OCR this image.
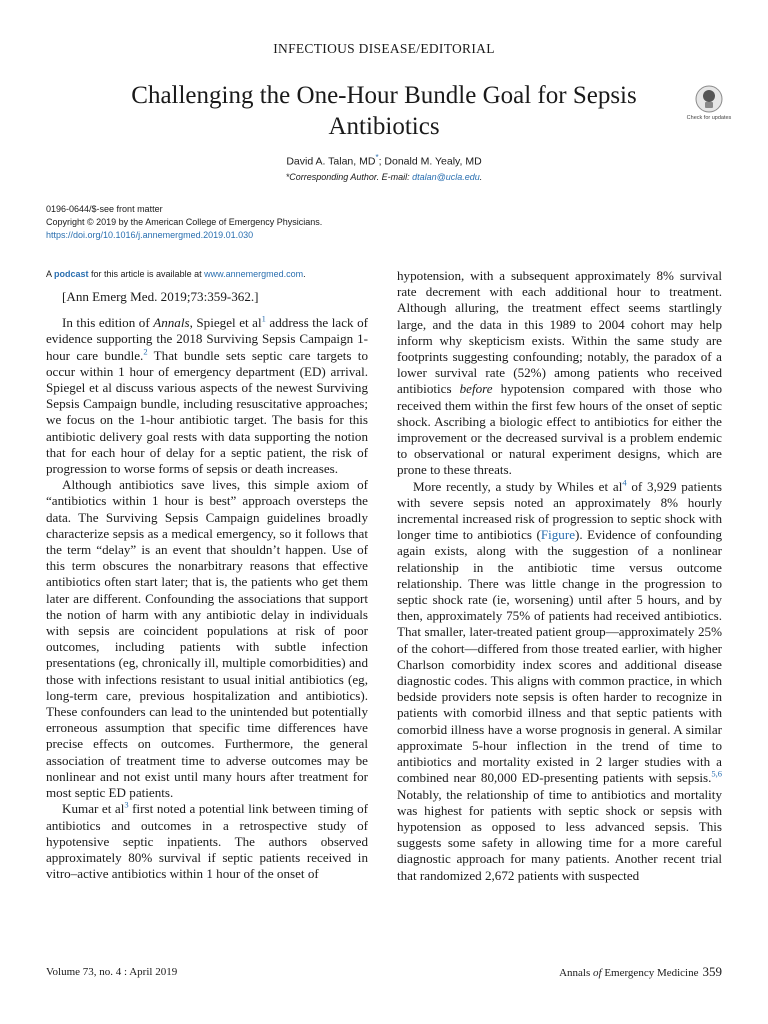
INFECTIOUS DISEASE/EDITORIAL
Challenging the One-Hour Bundle Goal for Sepsis Antibiotics	Check for updates
David A. Talan, MD*; Donald M. Yealy, MD
*Corresponding Author. E-mail: dtalan@ucla.edu.
0196-0644/$-see front matter
Copyright © 2019 by the American College of Emergency Physicians.
https://doi.org/10.1016/j.annemergmed.2019.01.030

A podcast for this article is available at www.annemergmed.com.

[Ann Emerg Med. 2019;73:359-362.]

In this edition of Annals, Spiegel et al$^1$ address the lack of evidence supporting the 2018 Surviving Sepsis Campaign 1-hour care bundle.$^2$ That bundle sets septic care targets to occur within 1 hour of emergency department (ED) arrival. Spiegel et al discuss various aspects of the newest Surviving Sepsis Campaign bundle, including resuscitative approaches; we focus on the 1-hour antibiotic target. The basis for this antibiotic delivery goal rests with data supporting the notion that for each hour of delay for a septic patient, the risk of progression to worse forms of sepsis or death increases.

Although antibiotics save lives, this simple axiom of “antibiotics within 1 hour is best” approach oversteps the data. The Surviving Sepsis Campaign guidelines broadly characterize sepsis as a medical emergency, so it follows that the term “delay” is an event that shouldn’t happen. Use of this term obscures the nonarbitrary reasons that effective antibiotics often start later; that is, the patients who get them later are different. Confounding the associations that support the notion of harm with any antibiotic delay in individuals with sepsis are coincident populations at risk of poor outcomes, including patients with subtle infection presentations (eg, chronically ill, multiple comorbidities) and those with infections resistant to usual initial antibiotics (eg, long-term care, previous hospitalization and antibiotics). These confounders can lead to the unintended but potentially erroneous assumption that specific time differences have precise effects on outcomes. Furthermore, the general association of treatment time to adverse outcomes may be nonlinear and not exist until many hours after treatment for most septic ED patients.

Kumar et al$^3$ first noted a potential link between timing of antibiotics and outcomes in a retrospective study of hypotensive septic inpatients. The authors observed approximately 80% survival if septic patients received in vitro–active antibiotics within 1 hour of the onset of

hypotension, with a subsequent approximately 8% survival rate decrement with each additional hour to treatment. Although alluring, the treatment effect seems startlingly large, and the data in this 1989 to 2004 cohort may help inform why skepticism exists. Within the same study are footprints suggesting confounding; notably, the paradox of a lower survival rate (52%) among patients who received antibiotics before hypotension compared with those who received them within the first few hours of the onset of septic shock. Ascribing a biologic effect to antibiotics for either the improvement or the decreased survival is a problem endemic to observational or natural experiment designs, which are prone to these threats.

More recently, a study by Whiles et al$^4$ of 3,929 patients with severe sepsis noted an approximately 8% hourly incremental increased risk of progression to septic shock with longer time to antibiotics (Figure). Evidence of confounding again exists, along with the suggestion of a nonlinear relationship in the antibiotic time versus outcome relationship. There was little change in the progression to septic shock rate (ie, worsening) until after 5 hours, and by then, approximately 75% of patients had received antibiotics. That smaller, later-treated patient group—approximately 25% of the cohort—differed from those treated earlier, with higher Charlson comorbidity index scores and additional disease diagnostic codes. This aligns with common practice, in which bedside providers note sepsis is often harder to recognize in patients with comorbid illness and that septic patients with comorbid illness have a worse prognosis in general. A similar approximate 5-hour inflection in the trend of time to antibiotics and mortality existed in 2 larger studies with a combined near 80,000 ED-presenting patients with sepsis.$^{5,6}$ Notably, the relationship of time to antibiotics and mortality was highest for patients with septic shock or sepsis with hypotension as opposed to less advanced sepsis. This suggests some safety in allowing time for a more careful diagnostic approach for many patients. Another recent trial that randomized 2,672 patients with suspected

Volume 73, no. 4 : April 2019	Annals of Emergency Medicine 359
